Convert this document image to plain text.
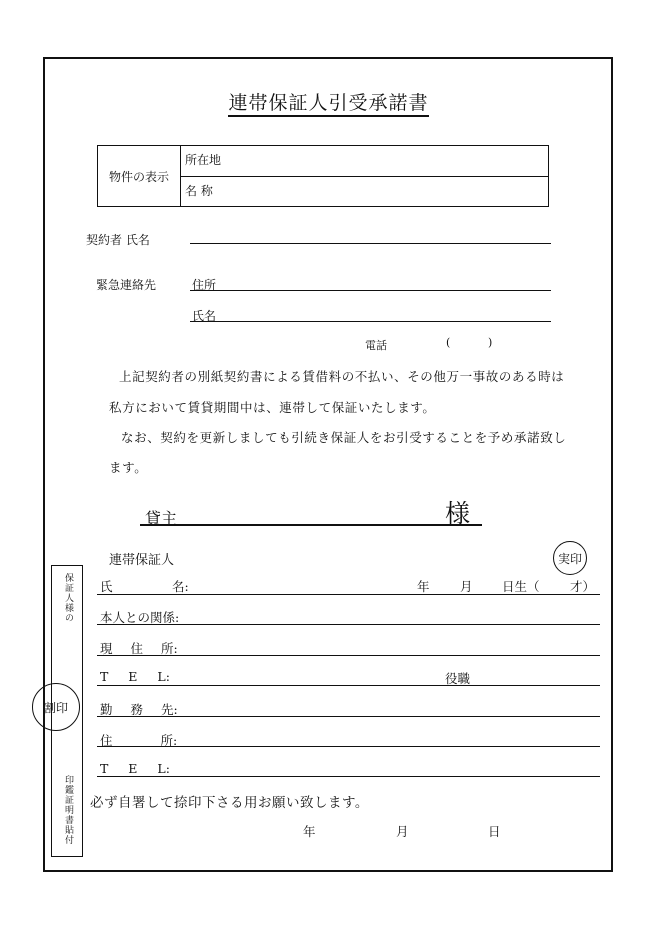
連帯保証人引受承諾書
物件の表示
所在地
名 称
契約者 氏名
緊急連絡先	住所
氏名
電話	(	)
上記契約者の別紙契約書による賃借料の不払い、その他万一事故のある時は
私方において賃貸期間中は、連帯して保証いたします。
なお、契約を更新しましても引続き保証人をお引受することを予め承諾致し
ます。
貸主	様
連帯保証人	実印
保証人様の
印鑑証明書貼付
割印
氏	名:	年 月 日生（ 才）
本人との関係:
現 住 所:
T E L:	役職
勤 務 先:
住 所:
T E L:
必ず自署して捺印下さる用お願い致します。
年	月	日
